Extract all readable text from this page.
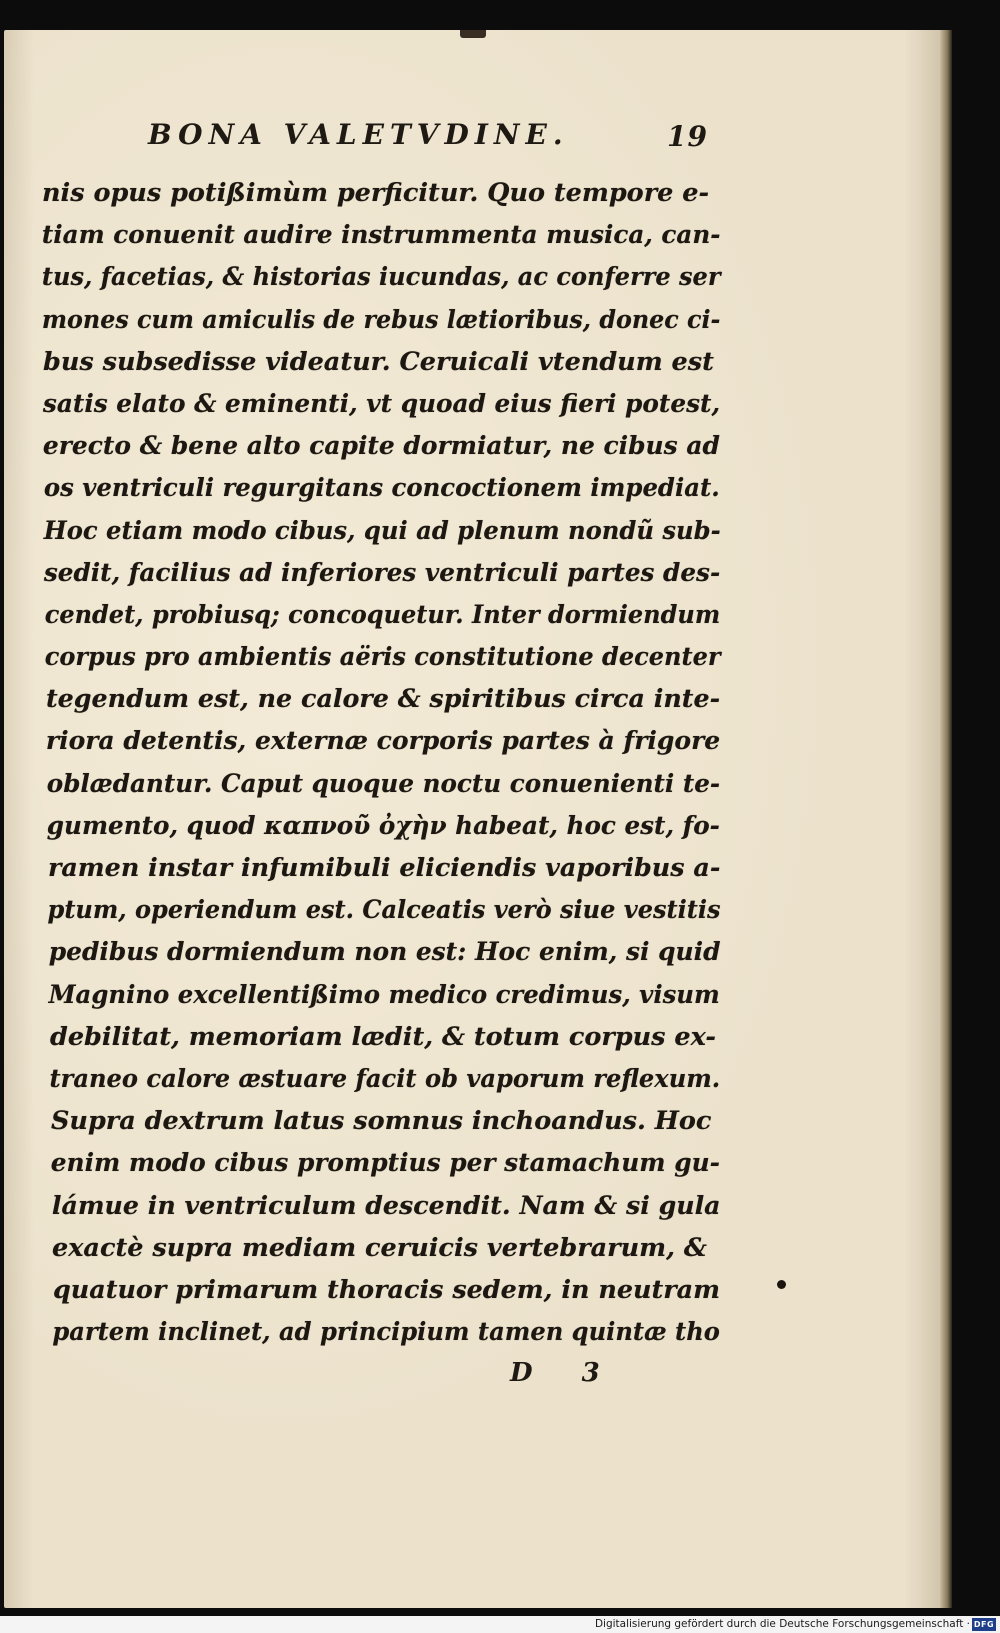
BONA VALETVDINE.	19
nis opus potißimùm perficitur. Quo tempore e-
tiam conuenit audire instrummenta musica, can-
tus, facetias, & historias iucundas, ac conferre ser
mones cum amiculis de rebus lætioribus, donec ci-
bus subsedisse videatur. Ceruicali vtendum est
satis elato & eminenti, vt quoad eius fieri potest,
erecto & bene alto capite dormiatur, ne cibus ad
os ventriculi regurgitans concoctionem impediat.
Hoc etiam modo cibus, qui ad plenum nondũ sub-
sedit, facilius ad inferiores ventriculi partes des-
cendet, probiusq; concoquetur. Inter dormiendum
corpus pro ambientis aëris constitutione decenter
tegendum est, ne calore & spiritibus circa inte-
riora detentis, externæ corporis partes à frigore
oblædantur. Caput quoque noctu conuenienti te-
gumento, quod καπνοῦ ὀχὴν habeat, hoc est, fo-
ramen instar infumibuli eliciendis vaporibus a-
ptum, operiendum est. Calceatis verò siue vestitis
pedibus dormiendum non est: Hoc enim, si quid
Magnino excellentißimo medico credimus, visum
debilitat, memoriam lædit, & totum corpus ex-
traneo calore æstuare facit ob vaporum reflexum.
Supra dextrum latus somnus inchoandus. Hoc
enim modo cibus promptius per stamachum gu-
lámue in ventriculum descendit. Nam & si gula
exactè supra mediam ceruicis vertebrarum, &
quatuor primarum thoracis sedem, in neutram
partem inclinet, ad principium tamen quintæ tho
D 3
Digitalisierung gefördert durch die Deutsche Forschungsgemeinschaft · DFG
